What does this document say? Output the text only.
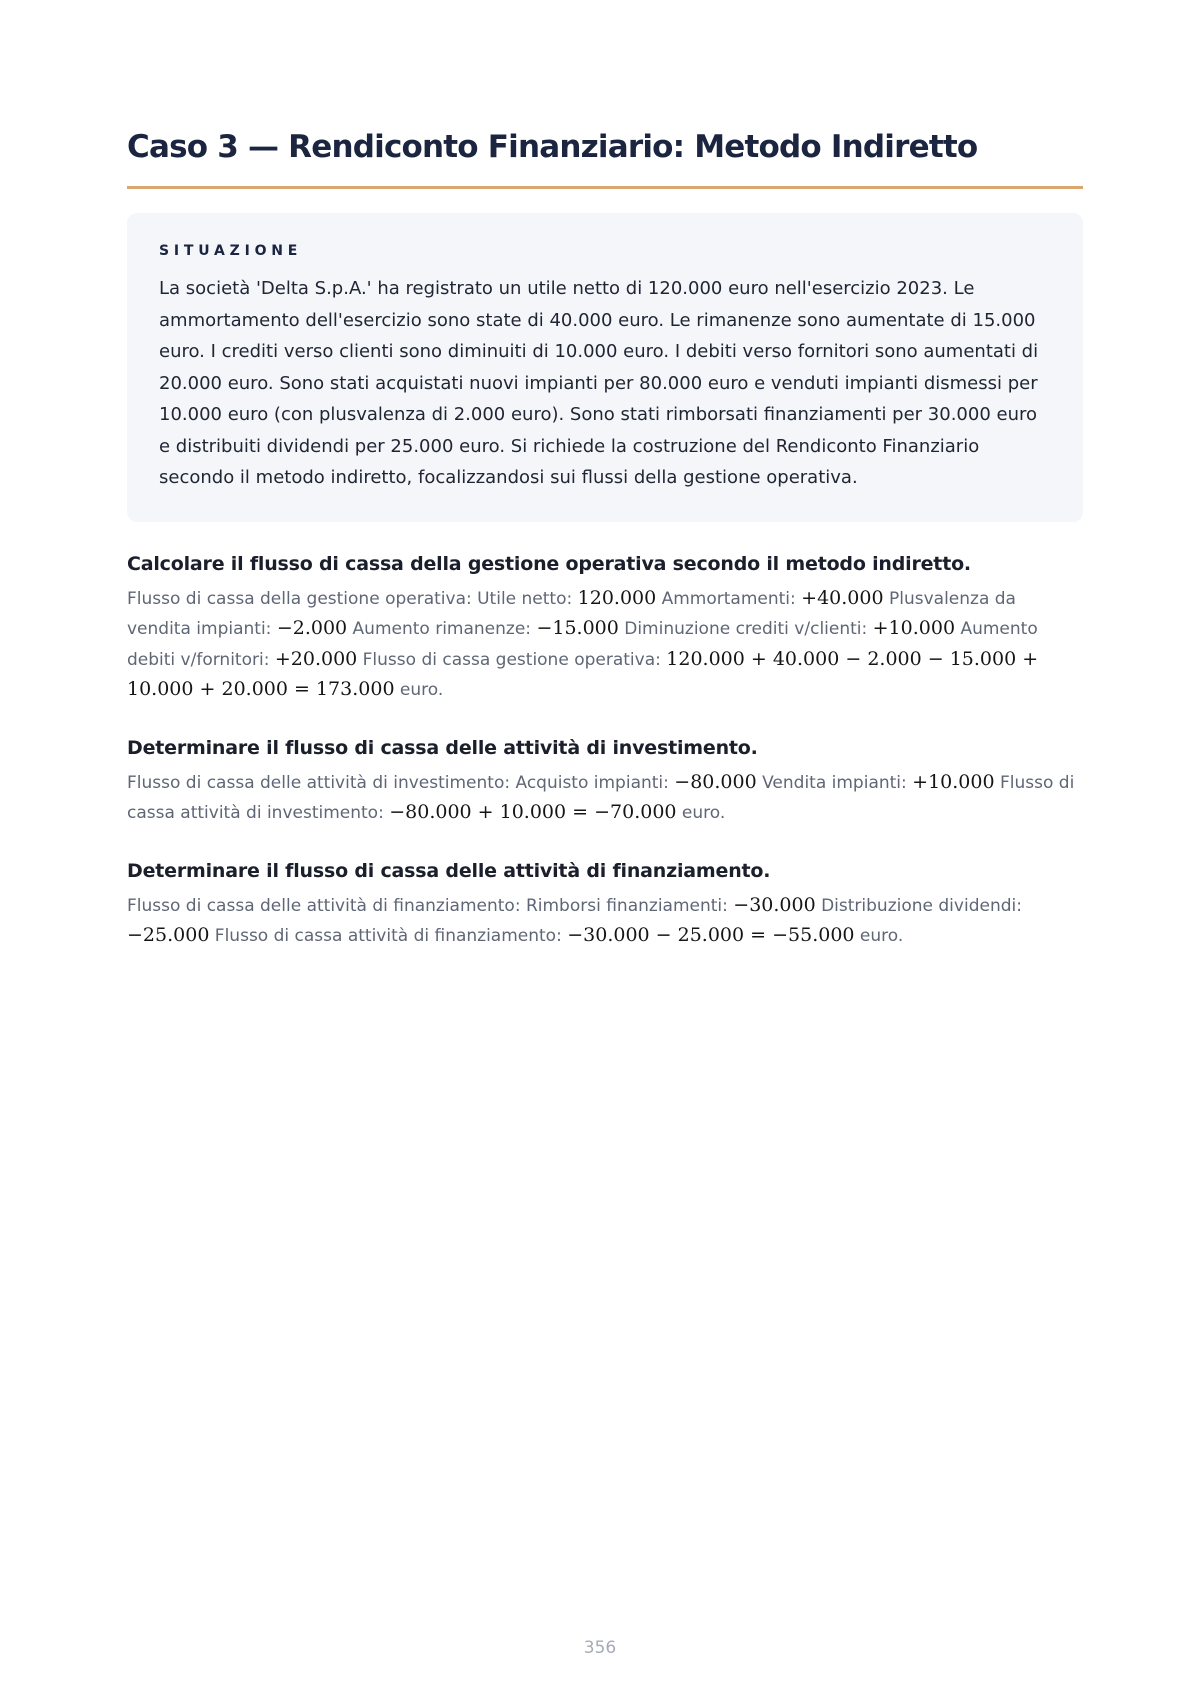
Caso 3 — Rendiconto Finanziario: Metodo Indiretto

SITUAZIONE

La società 'Delta S.p.A.' ha registrato un utile netto di 120.000 euro nell'esercizio 2023. Le ammortamento dell'esercizio sono state di 40.000 euro. Le rimanenze sono aumentate di 15.000 euro. I crediti verso clienti sono diminuiti di 10.000 euro. I debiti verso fornitori sono aumentati di 20.000 euro. Sono stati acquistati nuovi impianti per 80.000 euro e venduti impianti dismessi per 10.000 euro (con plusvalenza di 2.000 euro). Sono stati rimborsati finanziamenti per 30.000 euro e distribuiti dividendi per 25.000 euro. Si richiede la costruzione del Rendiconto Finanziario secondo il metodo indiretto, focalizzandosi sui flussi della gestione operativa.

Calcolare il flusso di cassa della gestione operativa secondo il metodo indiretto.

Flusso di cassa della gestione operativa: Utile netto: 120.000 Ammortamenti: +40.000 Plusvalenza da vendita impianti: −2.000 Aumento rimanenze: −15.000 Diminuzione crediti v/clienti: +10.000 Aumento debiti v/fornitori: +20.000 Flusso di cassa gestione operativa: 120.000 + 40.000 − 2.000 − 15.000 + 10.000 + 20.000 = 173.000 euro.

Determinare il flusso di cassa delle attività di investimento.

Flusso di cassa delle attività di investimento: Acquisto impianti: −80.000 Vendita impianti: +10.000 Flusso di cassa attività di investimento: −80.000 + 10.000 = −70.000 euro.

Determinare il flusso di cassa delle attività di finanziamento.

Flusso di cassa delle attività di finanziamento: Rimborsi finanziamenti: −30.000 Distribuzione dividendi: −25.000 Flusso di cassa attività di finanziamento: −30.000 − 25.000 = −55.000 euro.

356
